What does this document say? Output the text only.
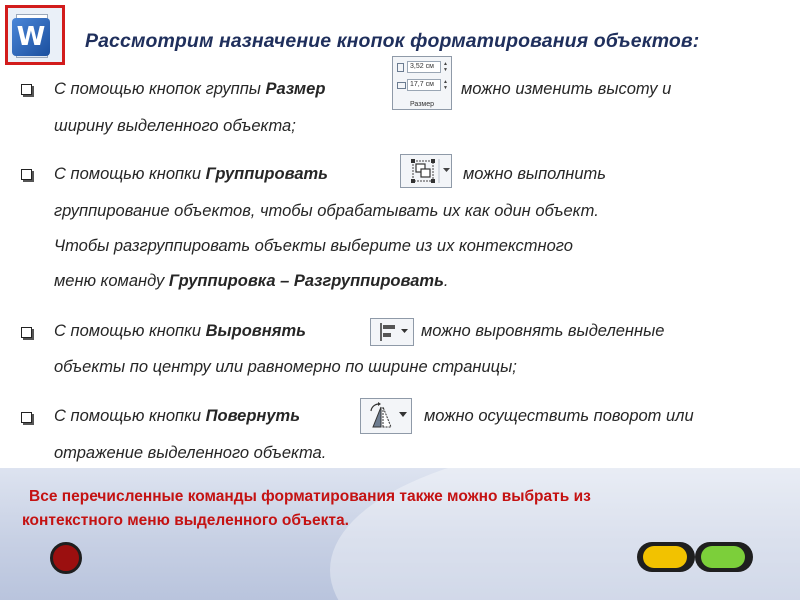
W Рассмотрим назначение кнопок форматирования объектов:
С помощью кнопок группы Размер
3,52 см	▲
▼
17,7 см	▲
▼
Размер
можно изменить высоту и
ширину выделенного объекта;
С помощью кнопки Группировать	можно выполнить
группирование объектов, чтобы обрабатывать их как один объект.
Чтобы разгруппировать объекты выберите из их контекстного
меню команду Группировка – Разгруппировать.
С помощью кнопки Выровнять	можно выровнять выделенные
объекты по центру или равномерно по ширине страницы;
С помощью кнопки Повернуть	можно осуществить поворот или
отражение выделенного объекта.
Все перечисленные команды форматирования также можно выбрать из
контекстного меню выделенного объекта.
